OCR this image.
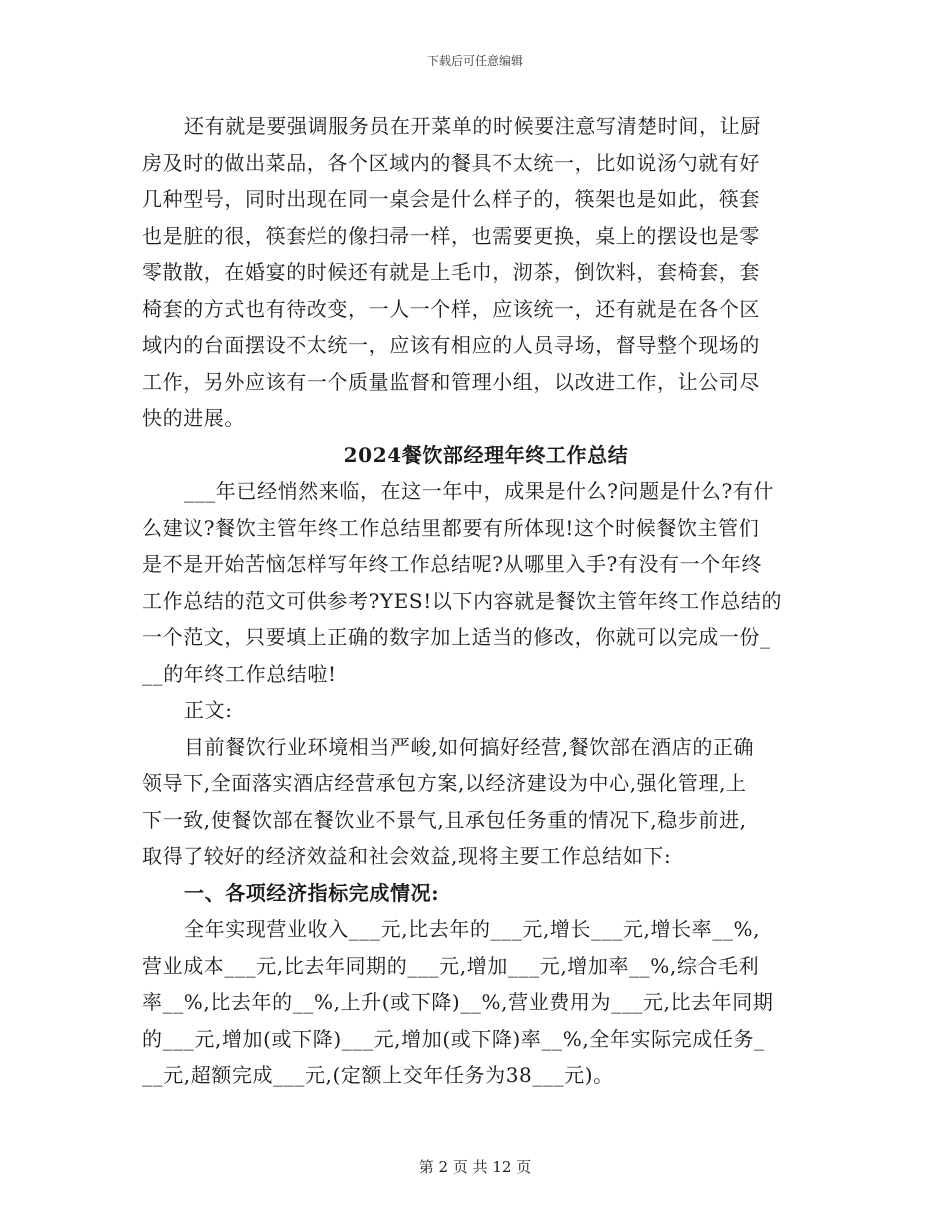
下载后可任意编辑
还有就是要强调服务员在开菜单的时候要注意写清楚时间，让厨
房及时的做出菜品，各个区域内的餐具不太统一，比如说汤勺就有好
几种型号，同时出现在同一桌会是什么样子的，筷架也是如此，筷套
也是脏的很，筷套烂的像扫帚一样，也需要更换，桌上的摆设也是零
零散散，在婚宴的时候还有就是上毛巾，沏茶，倒饮料，套椅套，套
椅套的方式也有待改变，一人一个样，应该统一，还有就是在各个区
域内的台面摆设不太统一，应该有相应的人员寻场，督导整个现场的
工作，另外应该有一个质量监督和管理小组，以改进工作，让公司尽
快的进展。
2024餐饮部经理年终工作总结
___年已经悄然来临，在这一年中，成果是什么?问题是什么?有什
么建议?餐饮主管年终工作总结里都要有所体现!这个时候餐饮主管们
是不是开始苦恼怎样写年终工作总结呢?从哪里入手?有没有一个年终
工作总结的范文可供参考?YES!以下内容就是餐饮主管年终工作总结的
一个范文，只要填上正确的数字加上适当的修改，你就可以完成一份_
__的年终工作总结啦!
正文:
目前餐饮行业环境相当严峻,如何搞好经营,餐饮部在酒店的正确
领导下,全面落实酒店经营承包方案,以经济建设为中心,强化管理,上
下一致,使餐饮部在餐饮业不景气,且承包任务重的情况下,稳步前进,
取得了较好的经济效益和社会效益,现将主要工作总结如下:
一、各项经济指标完成情况:
全年实现营业收入___元,比去年的___元,增长___元,增长率__%,
营业成本___元,比去年同期的___元,增加___元,增加率__%,综合毛利
率__%,比去年的__%,上升(或下降)__%,营业费用为___元,比去年同期
的___元,增加(或下降)___元,增加(或下降)率__%,全年实际完成任务_
__元,超额完成___元,(定额上交年任务为38___元)。
第 2 页 共 12 页
